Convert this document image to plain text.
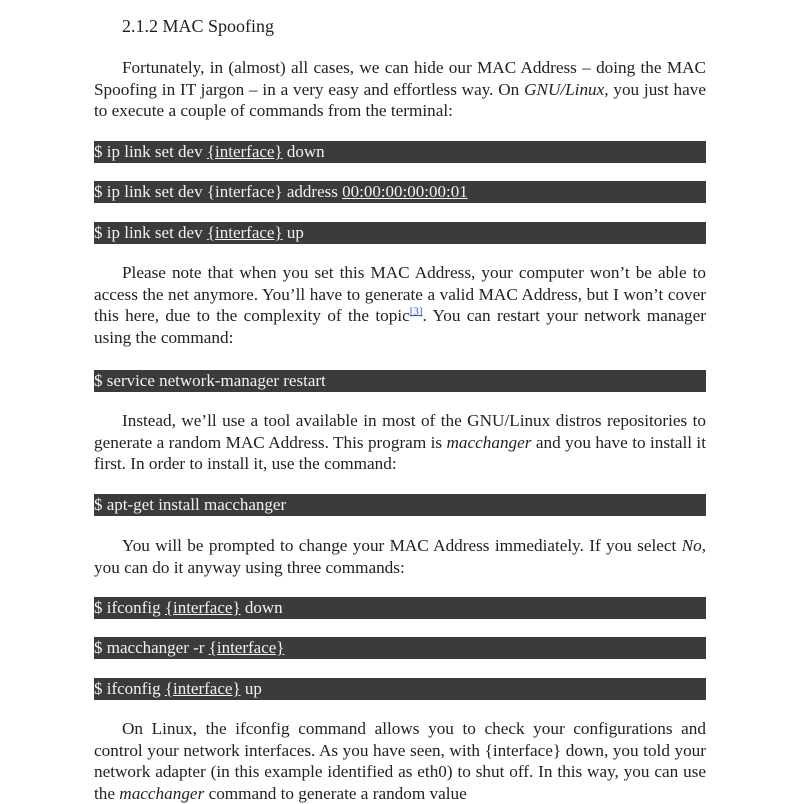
2.1.2 MAC Spoofing
Fortunately, in (almost) all cases, we can hide our MAC Address – doing the MAC Spoofing in IT jargon – in a very easy and effortless way. On GNU/Linux, you just have to execute a couple of commands from the terminal:
$ ip link set dev {interface} down
$ ip link set dev {interface} address 00:00:00:00:00:01
$ ip link set dev {interface} up
Please note that when you set this MAC Address, your computer won’t be able to access the net anymore. You’ll have to generate a valid MAC Address, but I won’t cover this here, due to the complexity of the topic[3]. You can restart your network manager using the command:
$ service network-manager restart
Instead, we’ll use a tool available in most of the GNU/Linux distros repositories to generate a random MAC Address. This program is macchanger and you have to install it first. In order to install it, use the command:
$ apt-get install macchanger
You will be prompted to change your MAC Address immediately. If you select No, you can do it anyway using three commands:
$ ifconfig {interface} down
$ macchanger -r {interface}
$ ifconfig {interface} up
On Linux, the ifconfig command allows you to check your configurations and control your network interfaces. As you have seen, with {interface} down, you told your network adapter (in this example identified as eth0) to shut off. In this way, you can use the macchanger command to generate a random value
